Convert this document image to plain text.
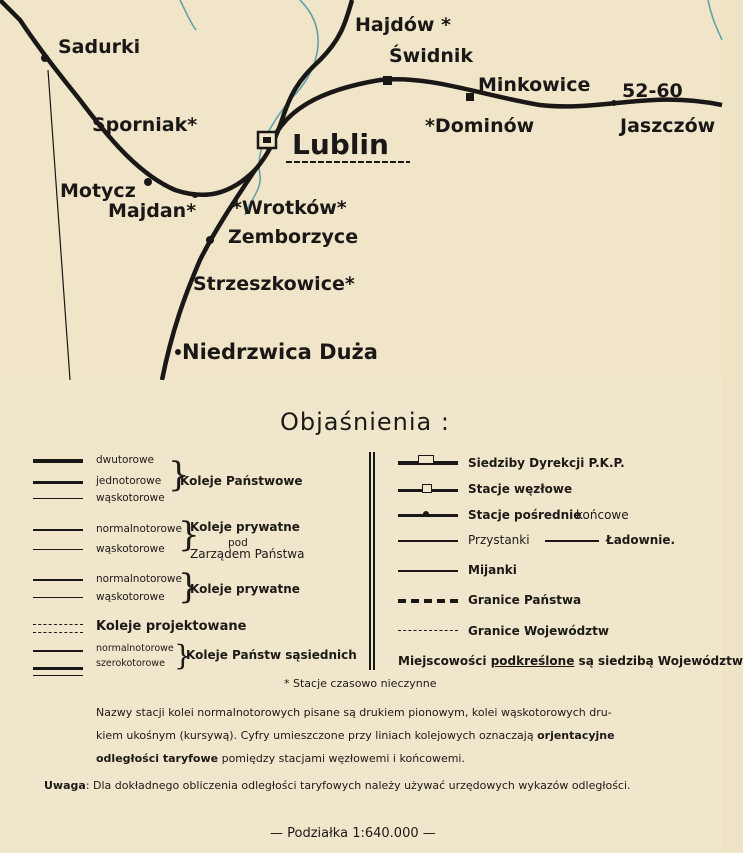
Sadurki
Hajdów *
Świdnik
Minkowice 52-60
Sporniak*
Lublin
*Dominów	Jaszczów
Motycz
Majdan* *Wrotków*
Zemborzyce
Strzeszkowice*
Niedrzwica Duża
Objaśnienia :
dwutorowe
jednotorowe
wąskotorowe
}
Koleje Państwowe
normalnotorowe
wąskotorowe }
Koleje prywatne
pod
Zarządem Państwa
normalnotorowe
wąskotorowe }
Koleje prywatne
Koleje projektowane
normalnotorowe
szerokotorowe }
Koleje Państw sąsiednich
Siedziby Dyrekcji P.K.P.
Stacje węzłowe
Stacje pośrednie
końcowe
Przystanki	Ładownie.
Mijanki
Granice Państwa
Granice Województw
Miejscowości podkreślone są siedzibą Województw
* Stacje czasowo nieczynne
Nazwy stacji kolei normalnotorowych pisane są drukiem pionowym, kolei wąskotorowych dru-
kiem ukośnym (kursywą). Cyfry umieszczone przy liniach kolejowych oznaczają orjentacyjne
odległości taryfowe pomiędzy stacjami węzłowemi i końcowemi.
Uwaga: Dla dokładnego obliczenia odległości taryfowych należy używać urzędowych wykazów odległości.
— Podziałka 1:640.000 —
